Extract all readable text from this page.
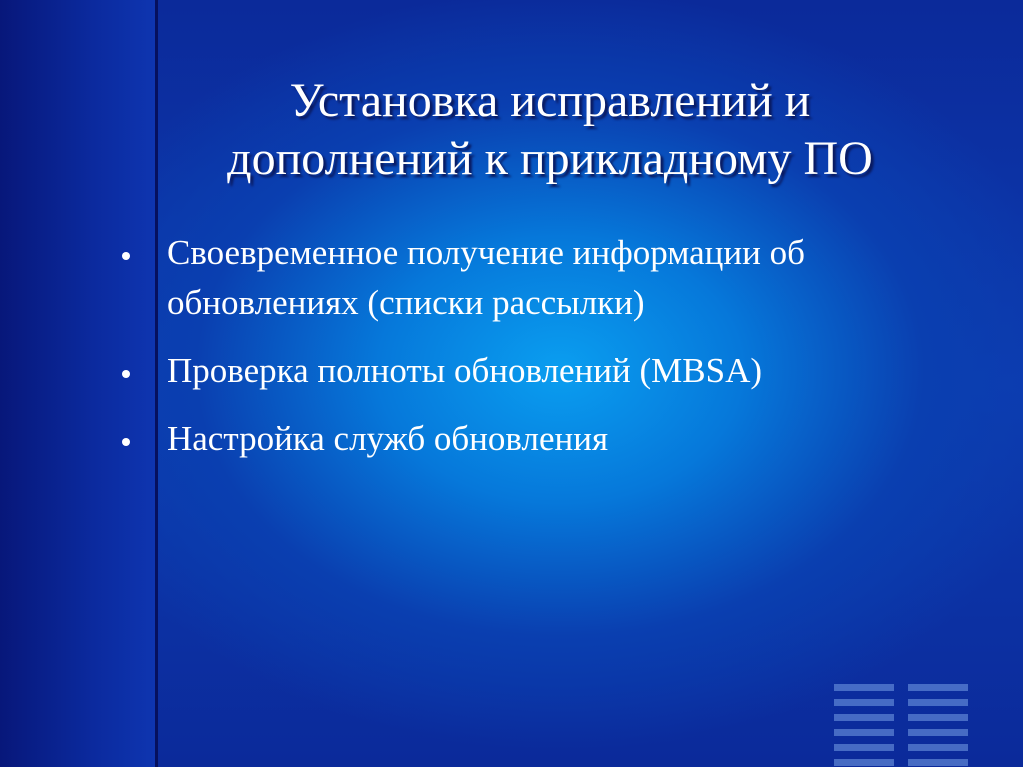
Установка исправлений и
дополнений к прикладному ПО
Своевременное получение информации об
обновлениях (списки рассылки)
Проверка полноты обновлений (MBSA)
Настройка служб обновления
